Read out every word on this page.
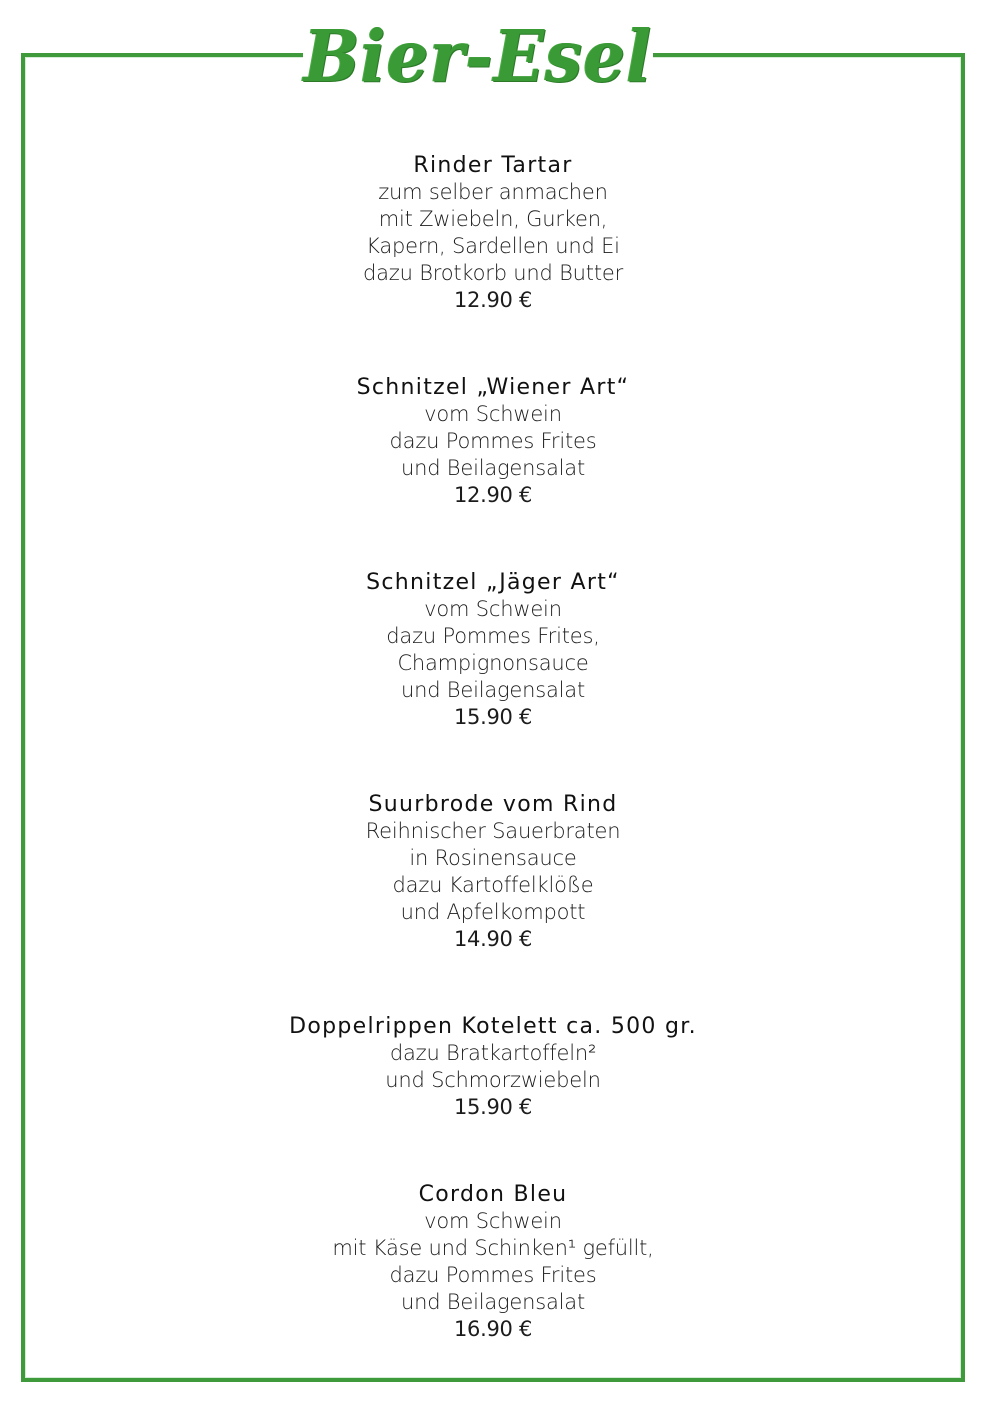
Bier-Esel
Rinder Tartar
zum selber anmachen
mit Zwiebeln, Gurken,
Kapern, Sardellen und Ei
dazu Brotkorb und Butter
12.90 €
Schnitzel „Wiener Art“
vom Schwein
dazu Pommes Frites
und Beilagensalat
12.90 €
Schnitzel „Jäger Art“
vom Schwein
dazu Pommes Frites,
Champignonsauce
und Beilagensalat
15.90 €
Suurbrode vom Rind
Reihnischer Sauerbraten
in Rosinensauce
dazu Kartoffelklöße
und Apfelkompott
14.90 €
Doppelrippen Kotelett ca. 500 gr.
dazu Bratkartoffeln²
und Schmorzwiebeln
15.90 €
Cordon Bleu
vom Schwein
mit Käse und Schinken¹ gefüllt,
dazu Pommes Frites
und Beilagensalat
16.90 €
